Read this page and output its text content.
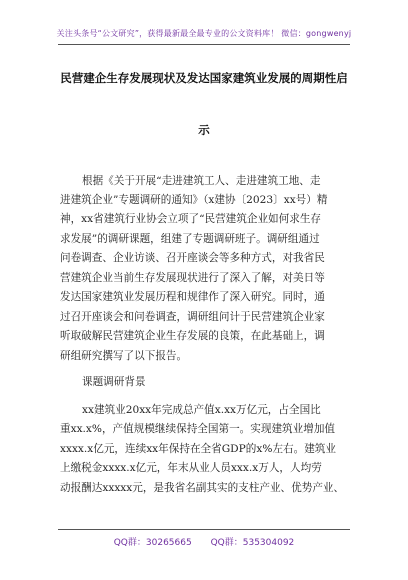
关注头条号“公文研究”，获得最新最全最专业的公文资料库！ 微信：gongwenyj
民营建企生存发展现状及发达国家建筑业发展的周期性启
示
根据《关于开展“走进建筑工人、走进建筑工地、走
进建筑企业”专题调研的通知》（x建协〔2023〕xx号）精
神，xx省建筑行业协会立项了“民营建筑企业如何求生存
求发展”的调研课题，组建了专题调研班子。调研组通过
问卷调查、企业访谈、召开座谈会等多种方式，对我省民
营建筑企业当前生存发展现状进行了深入了解，对美日等
发达国家建筑业发展历程和规律作了深入研究。同时，通
过召开座谈会和问卷调查，调研组问计于民营建筑企业家
听取破解民营建筑企业生存发展的良策，在此基础上，调
研组研究撰写了以下报告。
课题调研背景
xx建筑业20xx年完成总产值x.xx万亿元，占全国比
重xx.x%，产值规模继续保持全国第一。实现建筑业增加值
xxxx.x亿元，连续xx年保持在全省GDP的x%左右。建筑业
上缴税金xxxx.x亿元，年末从业人员xxx.x万人，人均劳
动报酬达xxxxx元，是我省名副其实的支柱产业、优势产业、
QQ群：30265665 QQ群：535304092
